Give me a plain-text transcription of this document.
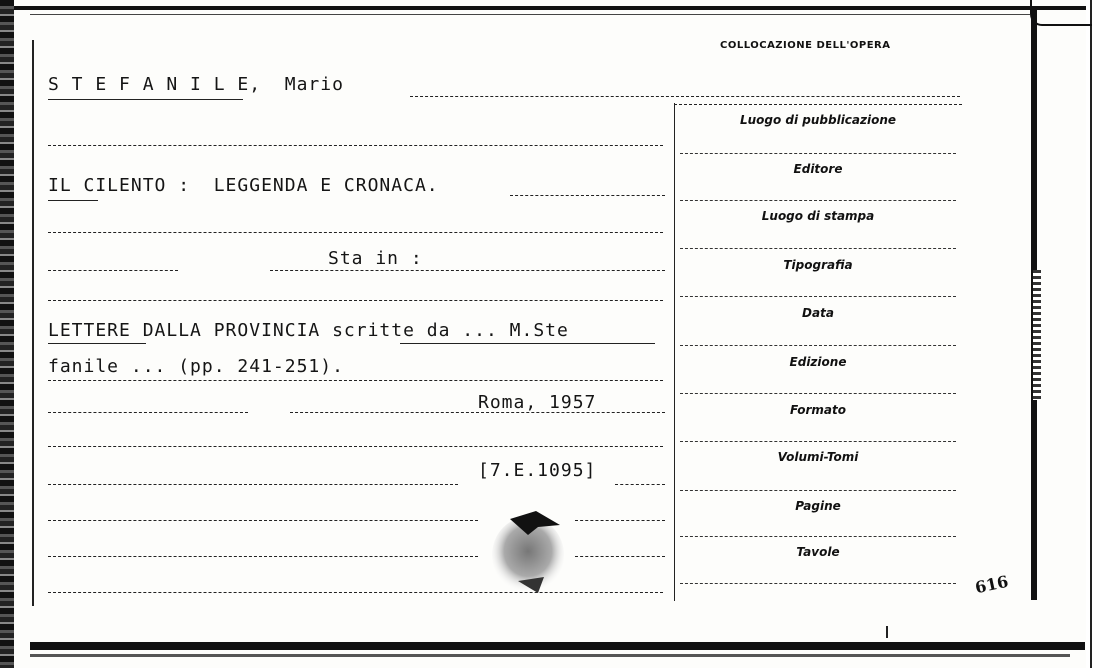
S T E F A N I L E,  Mario
IL CILENTO :  LEGGENDA E CRONACA.
Sta in :
LETTERE DALLA PROVINCIA scritte da ... M.Ste
fanile ... (pp. 241-251).
Roma, 1957
[7.E.1095]
COLLOCAZIONE DELL'OPERA
Luogo di pubblicazione
Editore
Luogo di stampa
Tipografia
Data
Edizione
Formato
Volumi-Tomi
Pagine
Tavole
616
